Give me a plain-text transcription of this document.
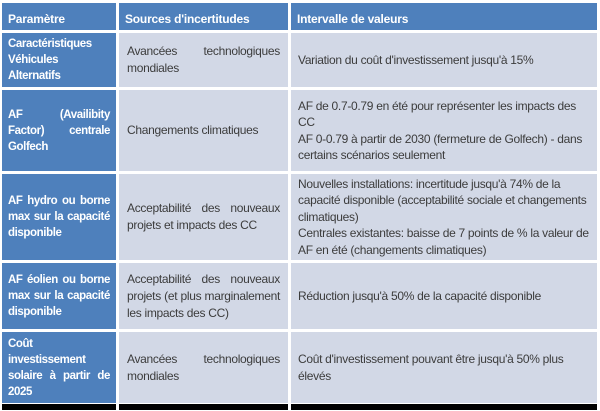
Paramètre	Sources d'incertitudes	Intervalle de valeurs
Caractéristiques Véhicules Alternatifs
Avancées technologiques mondiales
Variation du coût d'investissement jusqu'à 15%
AF (Availibity Factor) centrale Golfech
Changements climatiques
AF de 0.7-0.79 en été pour représenter les impacts des CC
AF 0-0.79 à partir de 2030 (fermeture de Golfech) - dans certains scénarios seulement
AF hydro ou borne max sur la capacité disponible
Acceptabilité des nouveaux projets et impacts des CC
Nouvelles installations: incertitude jusqu'à 74% de la capacité disponible (acceptabilité sociale et changements climatiques)
Centrales existantes: baisse de 7 points de % la valeur de AF en été (changements climatiques)
AF éolien ou borne max sur la capacité disponible
Acceptabilité des nouveaux projets (et plus marginalement les impacts des CC)
Réduction jusqu'à 50% de la capacité disponible
Coût investissement solaire à partir de 2025
Avancées technologiques mondiales
Coût d'investissement pouvant être jusqu'à 50% plus élevés
